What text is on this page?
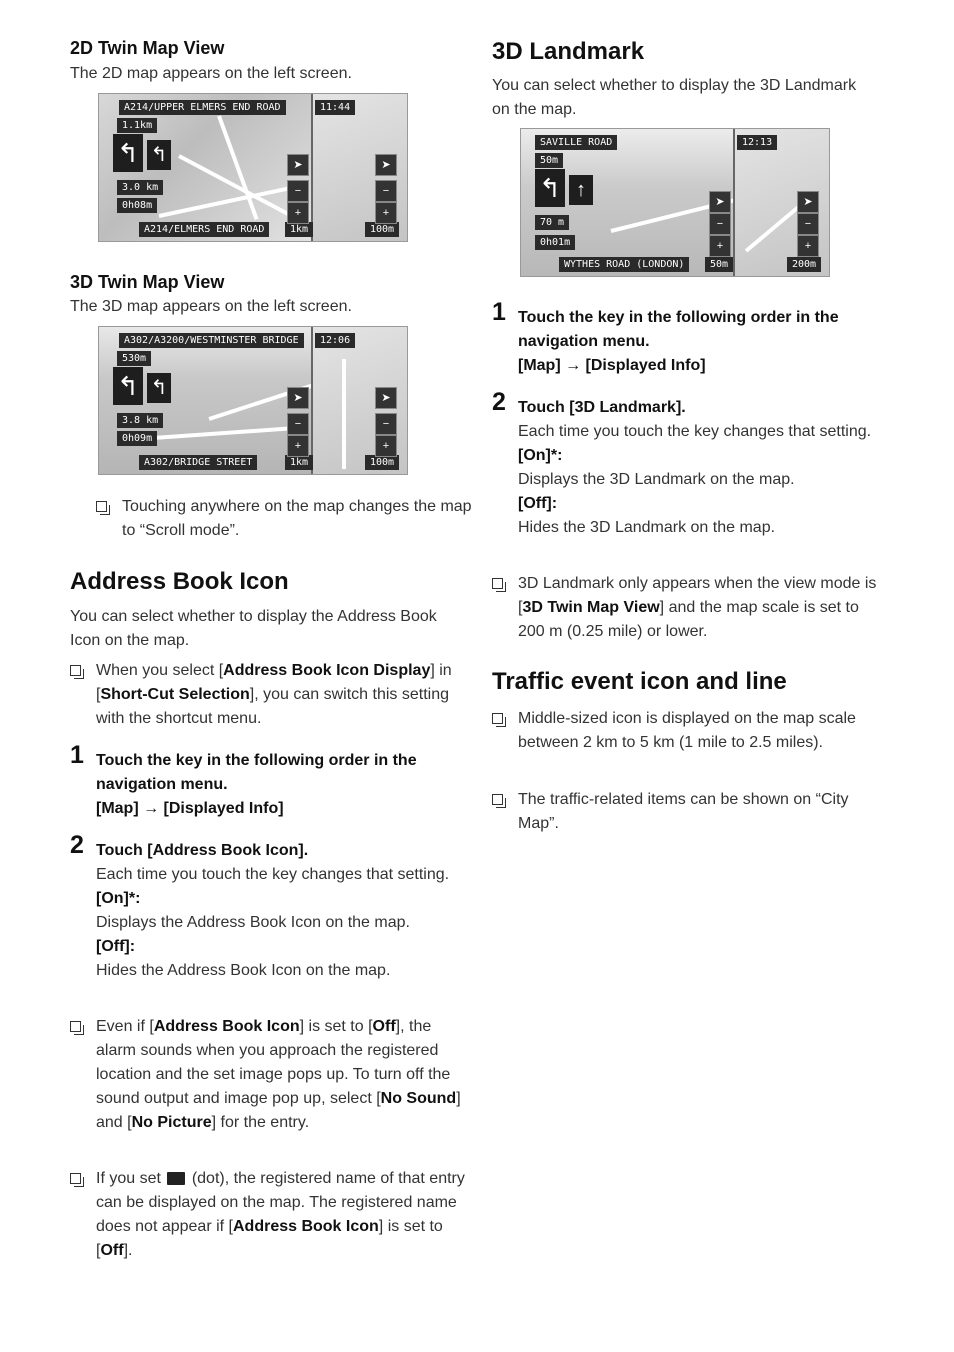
2D Twin Map View

The 2D map appears on the left screen.

A214/UPPER ELMERS END ROAD	11:44
1.1km
↰ ↰
3.0 km
0h08m
A214/ELMERS END ROAD	1km	100m
➤
−
+
➤
−
+
3D Twin Map View

The 3D map appears on the left screen.

A302/A3200/WESTMINSTER BRIDGE	12:06
530m
↰ ↰
3.8 km
0h09m
A302/BRIDGE STREET	1km	100m
➤
−
+
➤
−
+
Touching anywhere on the map changes the map to “Scroll mode”.
Address Book Icon

You can select whether to display the Address Book Icon on the map.

When you select [Address Book Icon Display] in [Short-Cut Selection], you can switch this setting with the shortcut menu.
1 Touch the key in the following order in the navigation menu.
[Map] → [Displayed Info]
2 Touch [Address Book Icon].
Each time you touch the key changes that setting.
[On]*:
Displays the Address Book Icon on the map.
[Off]:
Hides the Address Book Icon on the map.
Even if [Address Book Icon] is set to [Off], the alarm sounds when you approach the registered location and the set image pops up. To turn off the sound output and image pop up, select [No Sound] and [No Picture] for the entry.
If you set (dot), the registered name of that entry can be displayed on the map. The registered name does not appear if [Address Book Icon] is set to [Off].
3D Landmark

You can select whether to display the 3D Landmark on the map.

SAVILLE ROAD	12:13
50m
↰ ↑
70 m
0h01m
WYTHES ROAD (LONDON)	50m	200m
➤
−
+
➤
−
+
1 Touch the key in the following order in the navigation menu.
[Map] → [Displayed Info]
2 Touch [3D Landmark].
Each time you touch the key changes that setting.
[On]*:
Displays the 3D Landmark on the map.
[Off]:
Hides the 3D Landmark on the map.
3D Landmark only appears when the view mode is [3D Twin Map View] and the map scale is set to 200 m (0.25 mile) or lower.
Traffic event icon and line
Middle-sized icon is displayed on the map scale between 2 km to 5 km (1 mile to 2.5 miles).
The traffic-related items can be shown on “City Map”.
